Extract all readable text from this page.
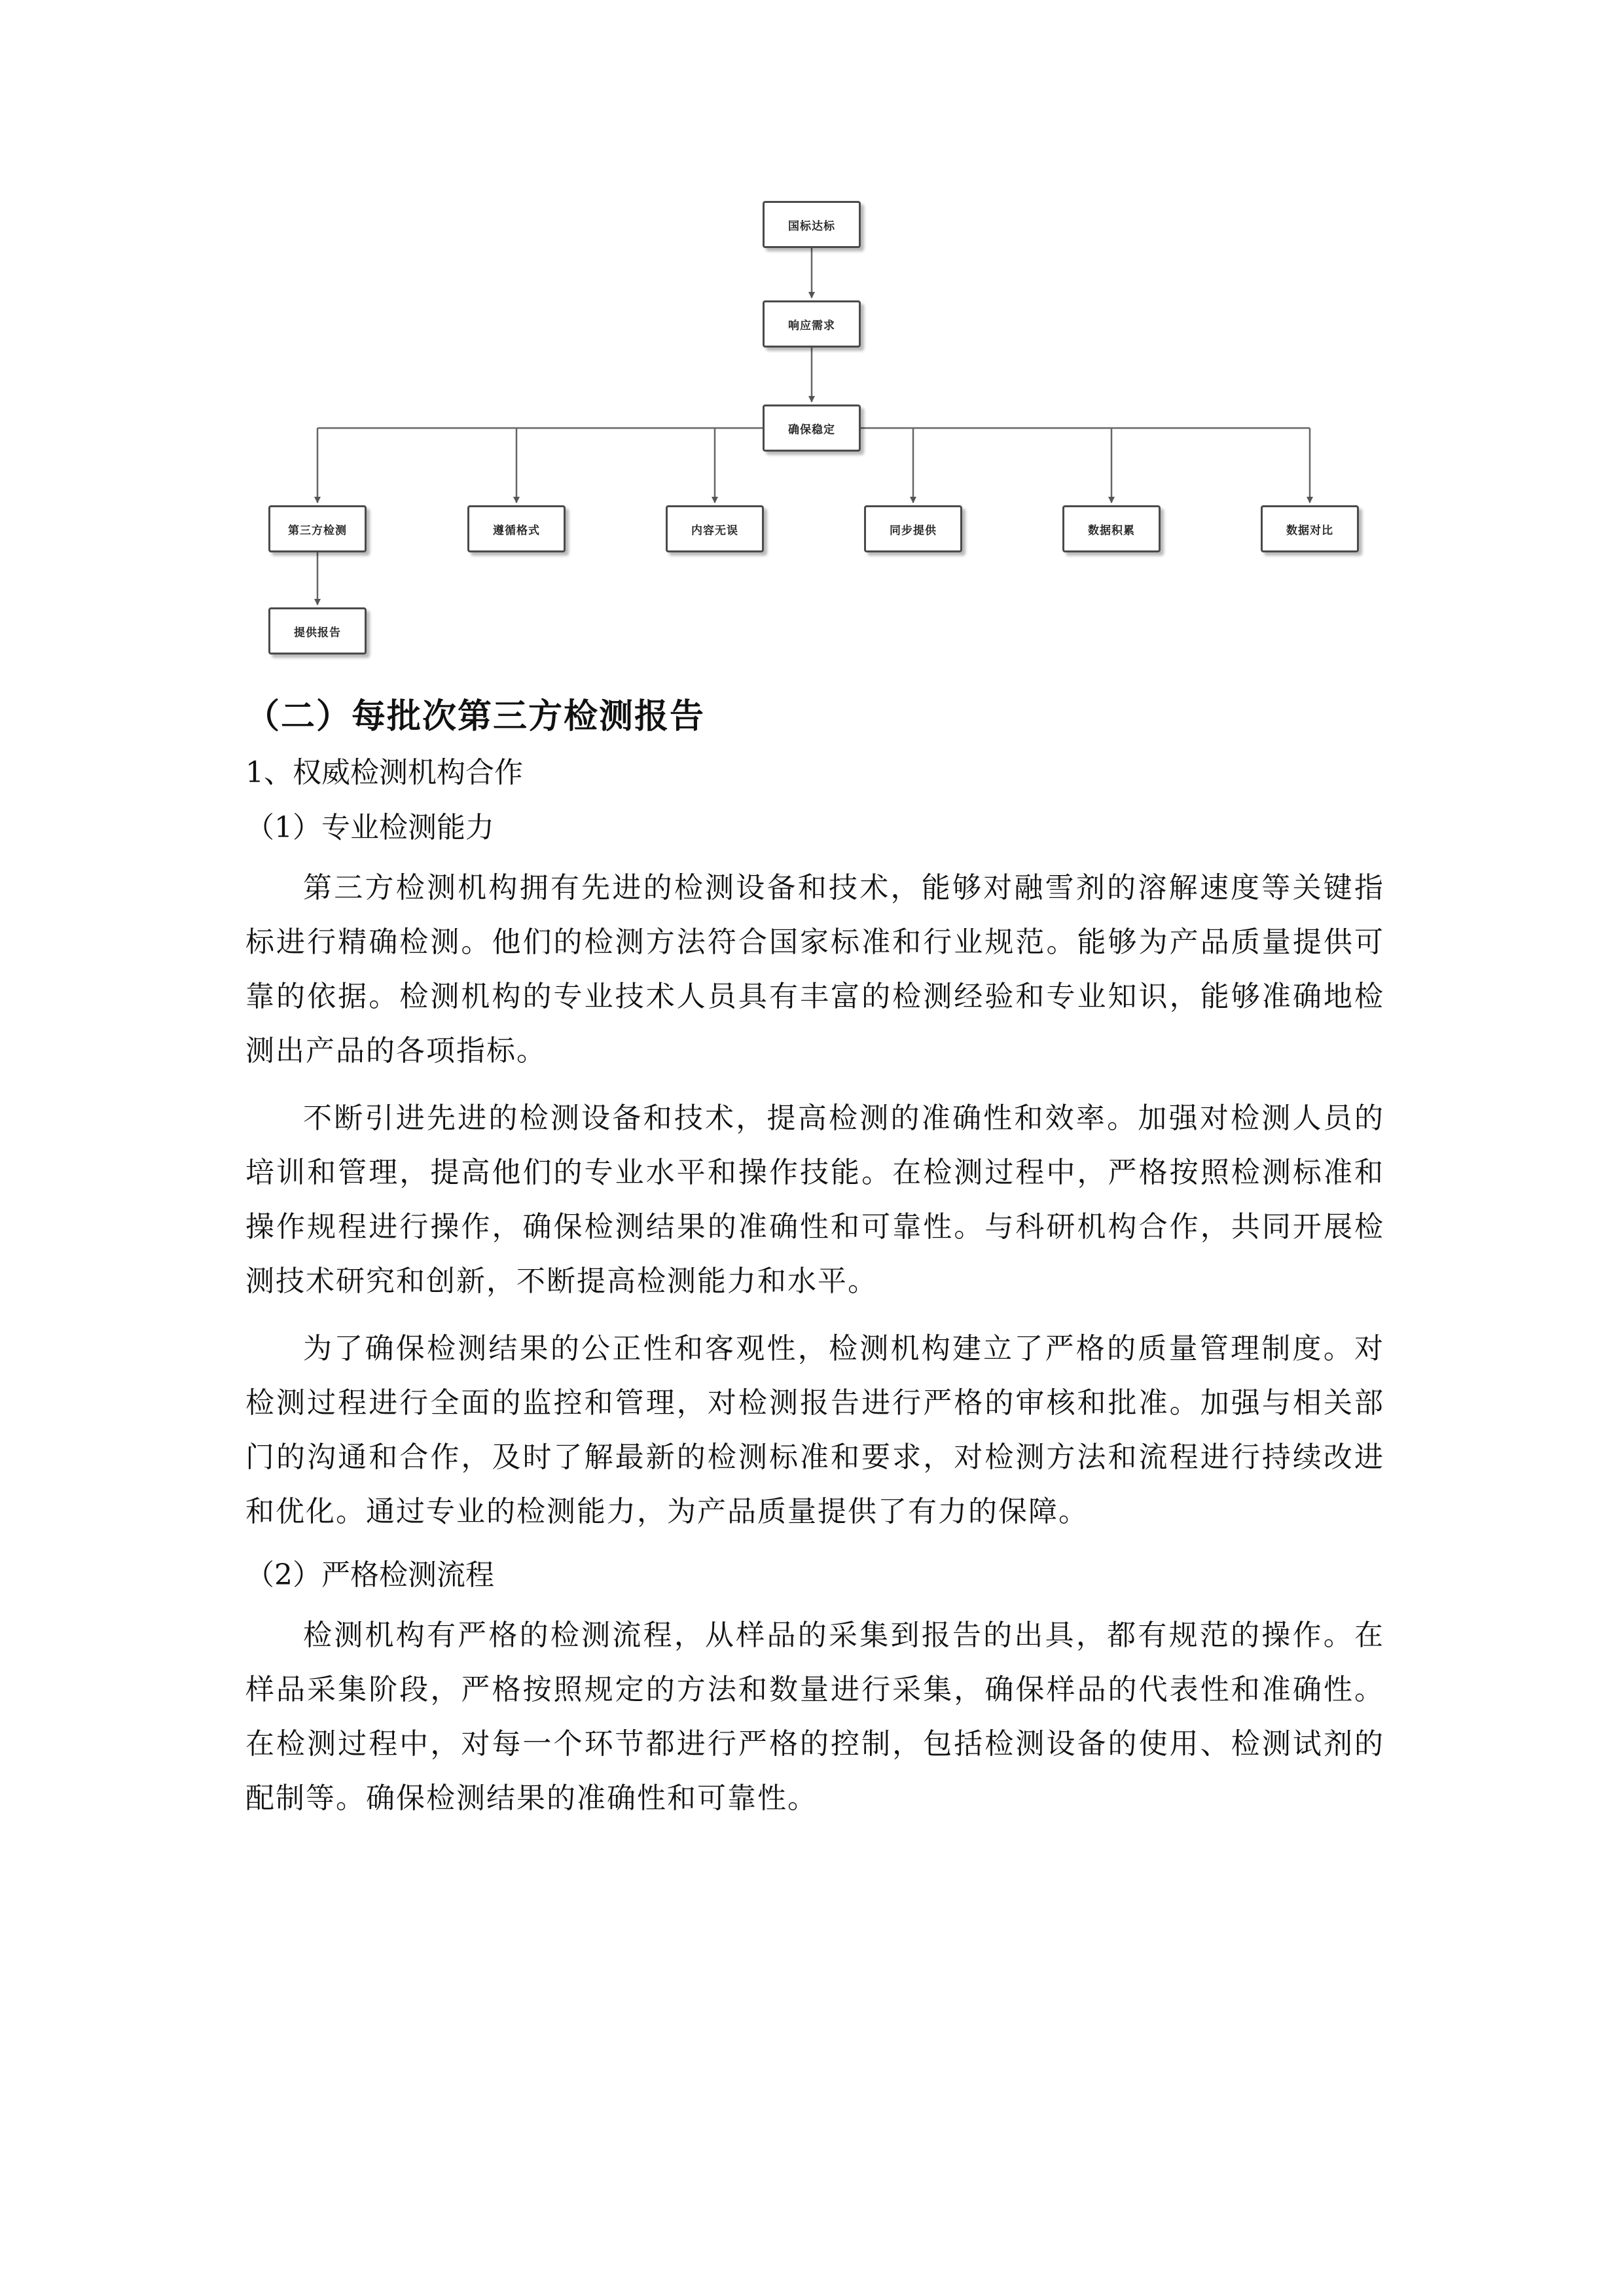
国标达标
响应需求
确保稳定
第三方检测	遵循格式	内容无误	同步提供	数据积累	数据对比
提供报告
（二）每批次第三方检测报告
1、权威检测机构合作
（1）专业检测能力

第三方检测机构拥有先进的检测设备和技术，能够对融雪剂的溶解速度等关键指标进行精确检测。他们的检测方法符合国家标准和行业规范。能够为产品质量提供可靠的依据。检测机构的专业技术人员具有丰富的检测经验和专业知识，能够准确地检测出产品的各项指标。

不断引进先进的检测设备和技术，提高检测的准确性和效率。加强对检测人员的培训和管理，提高他们的专业水平和操作技能。在检测过程中，严格按照检测标准和操作规程进行操作，确保检测结果的准确性和可靠性。与科研机构合作，共同开展检测技术研究和创新，不断提高检测能力和水平。

为了确保检测结果的公正性和客观性，检测机构建立了严格的质量管理制度。对检测过程进行全面的监控和管理，对检测报告进行严格的审核和批准。加强与相关部门的沟通和合作，及时了解最新的检测标准和要求，对检测方法和流程进行持续改进和优化。通过专业的检测能力，为产品质量提供了有力的保障。

（2）严格检测流程

检测机构有严格的检测流程，从样品的采集到报告的出具，都有规范的操作。在样品采集阶段，严格按照规定的方法和数量进行采集，确保样品的代表性和准确性。在检测过程中，对每一个环节都进行严格的控制，包括检测设备的使用、检测试剂的配制等。确保检测结果的准确性和可靠性。
